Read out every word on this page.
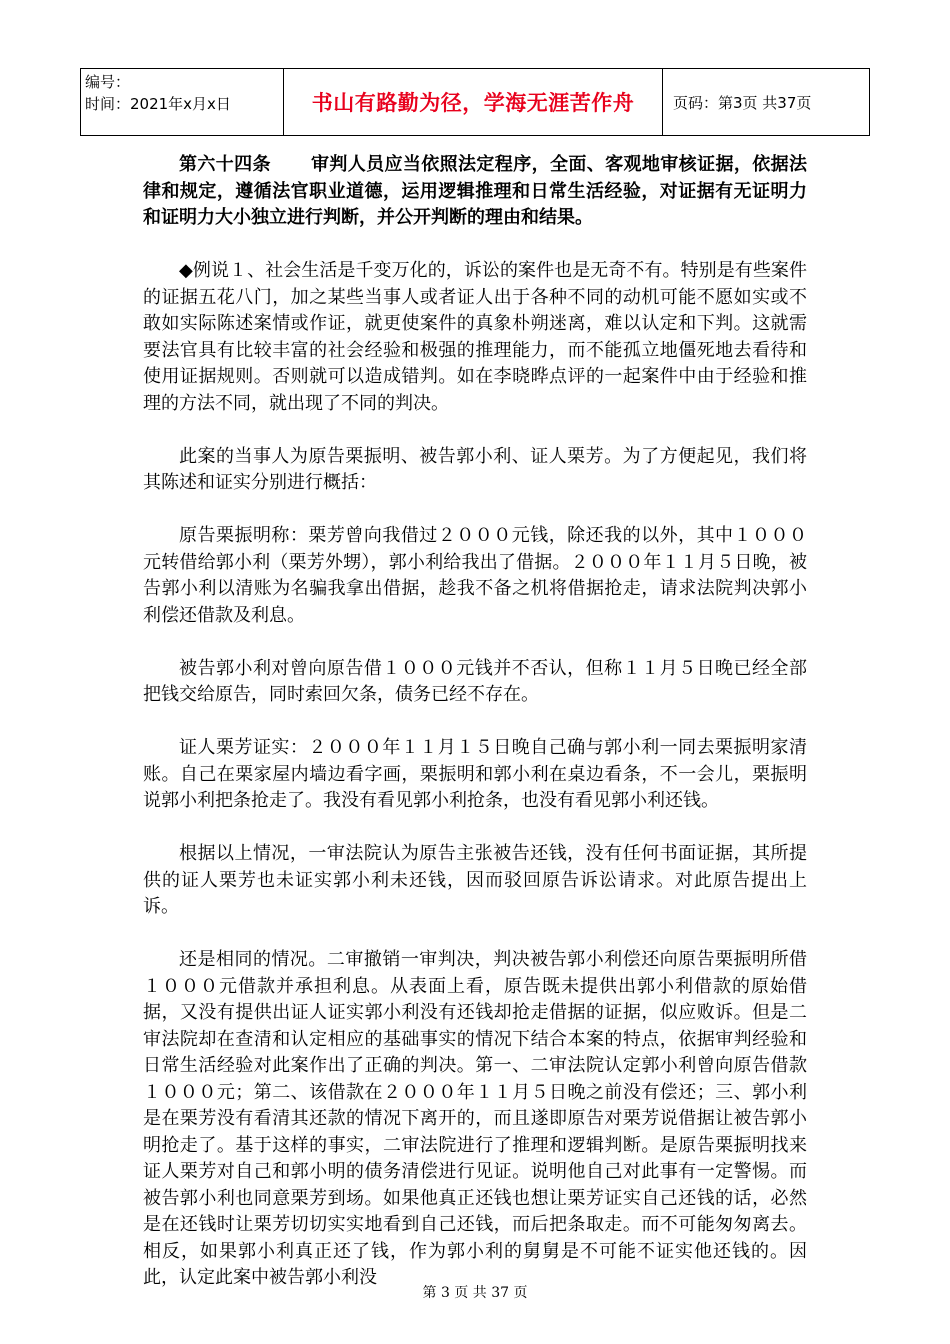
编号：
时间：2021年x月x日	书山有路勤为径，学海无涯苦作舟	页码：第3页 共37页

第六十四条 审判人员应当依照法定程序，全面、客观地审核证据，依据法律和规定，遵循法官职业道德，运用逻辑推理和日常生活经验，对证据有无证明力和证明力大小独立进行判断，并公开判断的理由和结果。

◆例说１、社会生活是千变万化的，诉讼的案件也是无奇不有。特别是有些案件的证据五花八门，加之某些当事人或者证人出于各种不同的动机可能不愿如实或不敢如实际陈述案情或作证，就更使案件的真象朴朔迷离，难以认定和下判。这就需要法官具有比较丰富的社会经验和极强的推理能力，而不能孤立地僵死地去看待和使用证据规则。否则就可以造成错判。如在李晓晔点评的一起案件中由于经验和推理的方法不同，就出现了不同的判决。

此案的当事人为原告栗振明、被告郭小利、证人栗芳。为了方便起见，我们将其陈述和证实分别进行概括：

原告栗振明称：栗芳曾向我借过２０００元钱，除还我的以外，其中１０００元转借给郭小利（栗芳外甥），郭小利给我出了借据。２０００年１１月５日晚，被告郭小利以清账为名骗我拿出借据，趁我不备之机将借据抢走，请求法院判决郭小利偿还借款及利息。

被告郭小利对曾向原告借１０００元钱并不否认，但称１１月５日晚已经全部把钱交给原告，同时索回欠条，债务已经不存在。

证人栗芳证实：２０００年１１月１５日晚自己确与郭小利一同去栗振明家清账。自己在栗家屋内墙边看字画，栗振明和郭小利在桌边看条，不一会儿，栗振明说郭小利把条抢走了。我没有看见郭小利抢条，也没有看见郭小利还钱。

根据以上情况，一审法院认为原告主张被告还钱，没有任何书面证据，其所提供的证人栗芳也未证实郭小利未还钱，因而驳回原告诉讼请求。对此原告提出上诉。

还是相同的情况。二审撤销一审判决，判决被告郭小利偿还向原告栗振明所借１０００元借款并承担利息。从表面上看，原告既未提供出郭小利借款的原始借据，又没有提供出证人证实郭小利没有还钱却抢走借据的证据，似应败诉。但是二审法院却在查清和认定相应的基础事实的情况下结合本案的特点，依据审判经验和日常生活经验对此案作出了正确的判决。第一、二审法院认定郭小利曾向原告借款１０００元；第二、该借款在２０００年１１月５日晚之前没有偿还；三、郭小利是在栗芳没有看清其还款的情况下离开的，而且遂即原告对栗芳说借据让被告郭小明抢走了。基于这样的事实，二审法院进行了推理和逻辑判断。是原告栗振明找来证人栗芳对自己和郭小明的债务清偿进行见证。说明他自己对此事有一定警惕。而被告郭小利也同意栗芳到场。如果他真正还钱也想让栗芳证实自己还钱的话，必然是在还钱时让栗芳切切实实地看到自己还钱，而后把条取走。而不可能匆匆离去。相反，如果郭小利真正还了钱，作为郭小利的舅舅是不可能不证实他还钱的。因此，认定此案中被告郭小利没

第 3 页 共 37 页
